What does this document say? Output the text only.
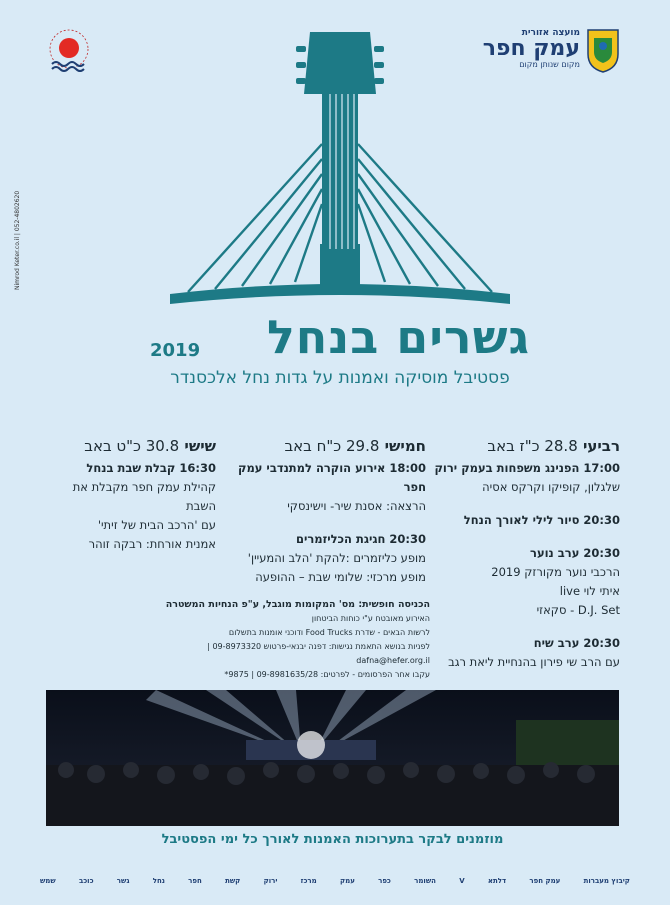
מועצה אזורית
עמק חפר
מקום שנותן מקום
Nimrod Keter.co.il | 052-4802620
גשרים בנחל
2019
פסטיבל מוסיקה ואמנות על גדות נחל אלכסנדר
רביעי 28.8 כ"ז באב
17:00 הפנינג משפחות בעמק ירוק
שלגלון, קופיקו וקרקס אסיה
20:30 סיור לילי לאורך הנחל
20:30 ערב נוער
הרכבי נוער מקורזק 2019
איתי לוי live
D.J. Set - סקאזי
20:30 ערב שיח
עם הרב שי פירון בהנחיית ליאת רגב
חמישי 29.8 כ"ח באב
18:00 אירוע הוקרה למתנדבי עמק חפר
הרצאה: אסנת שיר- וישינסקי
20:30 חגיגת הכליזמרים
מופע כליזמרים :להקת 'הלב והמעיין'
מופע מרכזי: שלומי שבת – ההופעה
שישי 30.8 כ"ט באב
16:30 קבלת שבת בנחל
קהילת עמק חפר מקבלת את השבת
עם 'הרכב הבית של זיתי'
אמנית אורחת: רבקה זוהר
הכניסה חופשית: מס' המקומות מוגבל, ע"פ הנחיות המשטרה
האירוע מאובטח ע"י כוחות הביטחון
לרשות הבאים - שדרת Food Trucks ודוכני אומנות בתשלום
לפניות בנושא התאמת נגישות: דפנה יבנאי-פרטוש 09-8973320 | dafna@hefer.org.il
עקבו אחר הפרסומים - לפרטים: 09-8981635/28 | 9875*
מוזמנים לבקר בתערוכות האמנות לאורך כל ימי הפסטיבל
שמש	כוכב	גשר	נחל	חפר	קשת	ירוק	מרכז	עמק	כפר	השומר	V	דלתא	עמק חפר	קיבוץ מעברות
